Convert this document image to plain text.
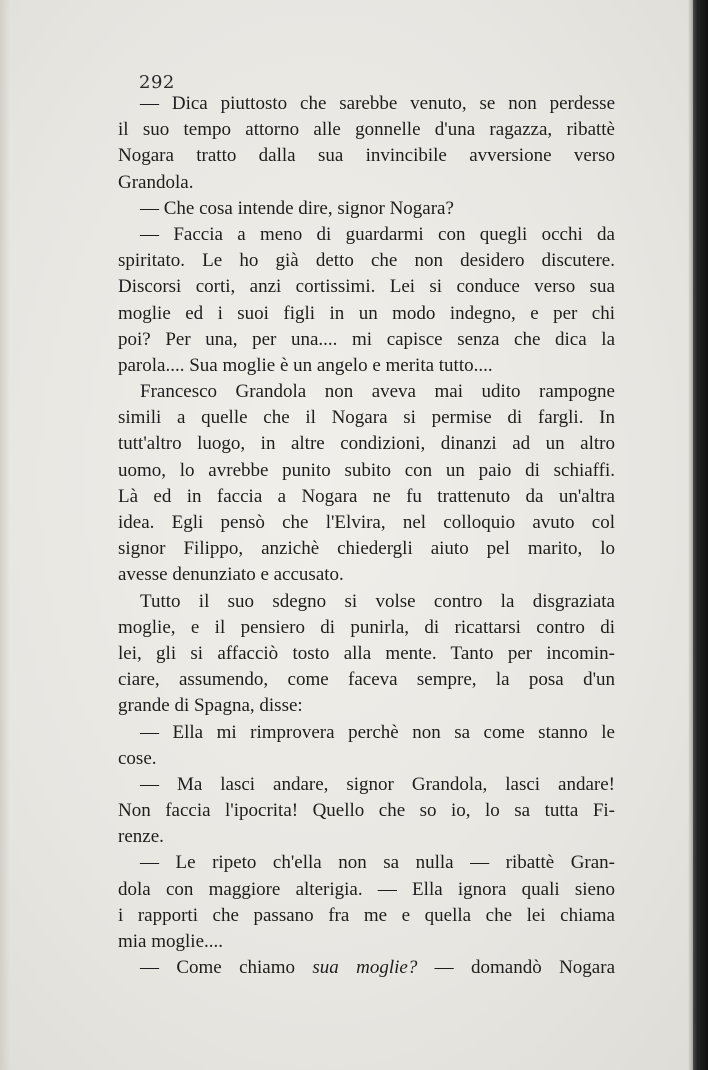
292
— Dica piuttosto che sarebbe venuto, se non perdesse
il suo tempo attorno alle gonnelle d'una ragazza, ribattè
Nogara tratto dalla sua invincibile avversione verso
Grandola.
— Che cosa intende dire, signor Nogara?
— Faccia a meno di guardarmi con quegli occhi da
spiritato. Le ho già detto che non desidero discutere.
Discorsi corti, anzi cortissimi. Lei si conduce verso sua
moglie ed i suoi figli in un modo indegno, e per chi
poi? Per una, per una.... mi capisce senza che dica la
parola.... Sua moglie è un angelo e merita tutto....
Francesco Grandola non aveva mai udito rampogne
simili a quelle che il Nogara si permise di fargli. In
tutt'altro luogo, in altre condizioni, dinanzi ad un altro
uomo, lo avrebbe punito subito con un paio di schiaffi.
Là ed in faccia a Nogara ne fu trattenuto da un'altra
idea. Egli pensò che l'Elvira, nel colloquio avuto col
signor Filippo, anzichè chiedergli aiuto pel marito, lo
avesse denunziato e accusato.
Tutto il suo sdegno si volse contro la disgraziata
moglie, e il pensiero di punirla, di ricattarsi contro di
lei, gli si affacciò tosto alla mente. Tanto per incomin-
ciare, assumendo, come faceva sempre, la posa d'un
grande di Spagna, disse:
— Ella mi rimprovera perchè non sa come stanno le
cose.
— Ma lasci andare, signor Grandola, lasci andare!
Non faccia l'ipocrita! Quello che so io, lo sa tutta Fi-
renze.
— Le ripeto ch'ella non sa nulla — ribattè Gran-
dola con maggiore alterigia. — Ella ignora quali sieno
i rapporti che passano fra me e quella che lei chiama
mia moglie....
— Come chiamo sua moglie? — domandò Nogara
